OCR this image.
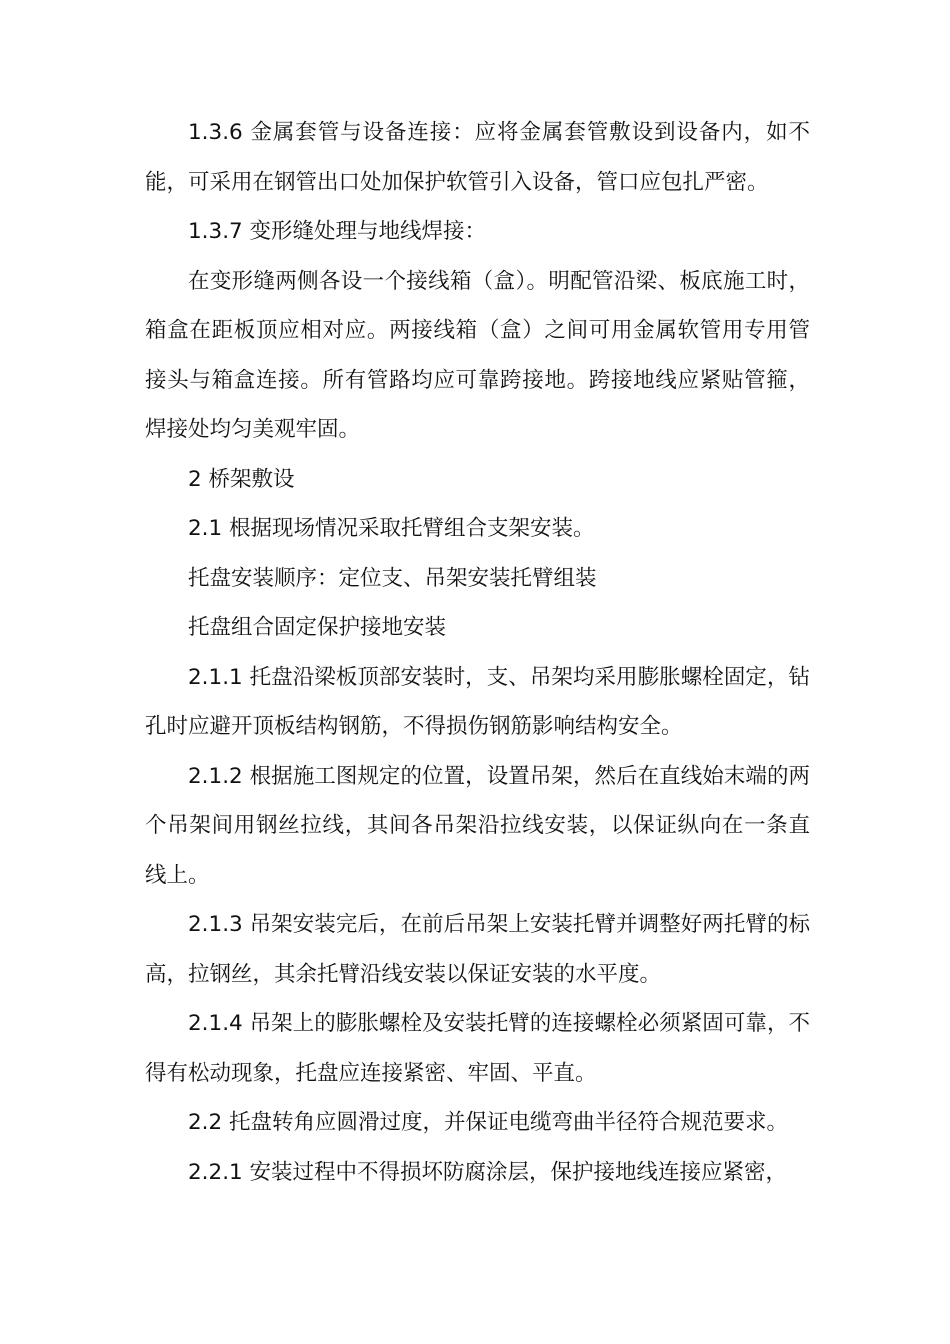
1.3.6 金属套管与设备连接：应将金属套管敷设到设备内，如不能，可采用在钢管出口处加保护软管引入设备，管口应包扎严密。

1.3.7 变形缝处理与地线焊接：

在变形缝两侧各设一个接线箱（盒）。明配管沿梁、板底施工时，箱盒在距板顶应相对应。两接线箱（盒）之间可用金属软管用专用管接头与箱盒连接。所有管路均应可靠跨接地。跨接地线应紧贴管箍，焊接处均匀美观牢固。

2 桥架敷设

2.1 根据现场情况采取托臂组合支架安装。

托盘安装顺序：定位支、吊架安装托臂组装

托盘组合固定保护接地安装

2.1.1 托盘沿梁板顶部安装时，支、吊架均采用膨胀螺栓固定，钻孔时应避开顶板结构钢筋，不得损伤钢筋影响结构安全。

2.1.2 根据施工图规定的位置，设置吊架，然后在直线始末端的两个吊架间用钢丝拉线，其间各吊架沿拉线安装，以保证纵向在一条直线上。

2.1.3 吊架安装完后，在前后吊架上安装托臂并调整好两托臂的标高，拉钢丝，其余托臂沿线安装以保证安装的水平度。

2.1.4 吊架上的膨胀螺栓及安装托臂的连接螺栓必须紧固可靠，不得有松动现象，托盘应连接紧密、牢固、平直。

2.2 托盘转角应圆滑过度，并保证电缆弯曲半径符合规范要求。

2.2.1 安装过程中不得损坏防腐涂层，保护接地线连接应紧密，
